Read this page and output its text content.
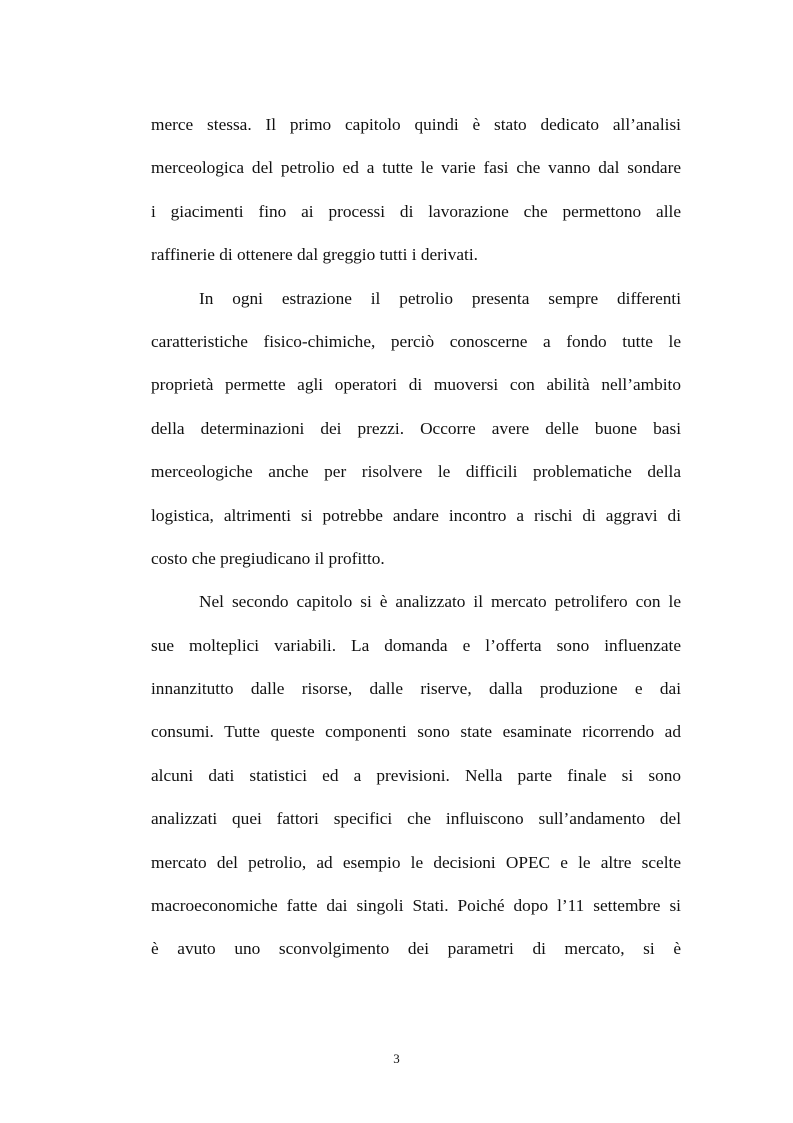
merce stessa. Il primo capitolo quindi è stato dedicato all’analisi
merceologica del petrolio ed a tutte le varie fasi che vanno dal sondare
i giacimenti fino ai processi di lavorazione che permettono alle
raffinerie di ottenere dal greggio tutti i derivati.
In ogni estrazione il petrolio presenta sempre differenti
caratteristiche fisico-chimiche, perciò conoscerne a fondo tutte le
proprietà permette agli operatori di muoversi con abilità nell’ambito
della determinazioni dei prezzi. Occorre avere delle buone basi
merceologiche anche per risolvere le difficili problematiche della
logistica, altrimenti si potrebbe andare incontro a rischi di aggravi di
costo che pregiudicano il profitto.
Nel secondo capitolo si è analizzato il mercato petrolifero con le
sue molteplici variabili. La domanda e l’offerta sono influenzate
innanzitutto dalle risorse, dalle riserve, dalla produzione e dai
consumi. Tutte queste componenti sono state esaminate ricorrendo ad
alcuni dati statistici ed a previsioni. Nella parte finale si sono
analizzati quei fattori specifici che influiscono sull’andamento del
mercato del petrolio, ad esempio le decisioni OPEC e le altre scelte
macroeconomiche fatte dai singoli Stati. Poiché dopo l’11 settembre si
è avuto uno sconvolgimento dei parametri di mercato, si è
3
